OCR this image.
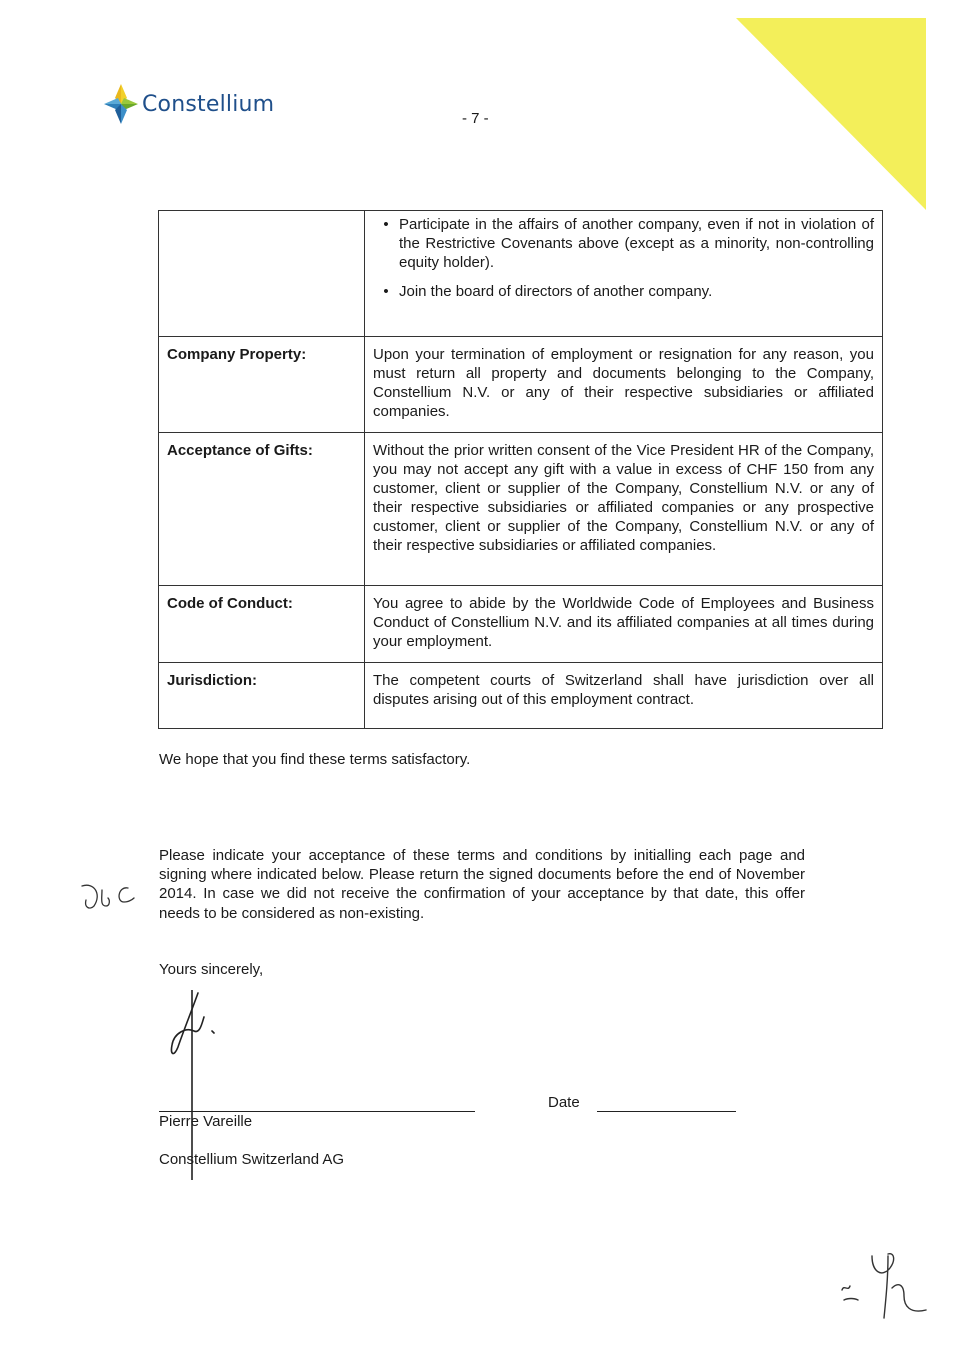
Constellium
- 7 -

	• Participate in the affairs of another company, even if not in violation of the Restrictive Covenants above (except as a minority, non-controlling equity holder).
• Join the board of directors of another company.

Company Property:	Upon your termination of employment or resignation for any reason, you must return all property and documents belonging to the Company, Constellium N.V. or any of their respective subsidiaries or affiliated companies.
Acceptance of Gifts:	Without the prior written consent of the Vice President HR of the Company, you may not accept any gift with a value in excess of CHF 150 from any customer, client or supplier of the Company, Constellium N.V. or any of their respective subsidiaries or affiliated companies or any prospective customer, client or supplier of the Company, Constellium N.V. or any of their respective subsidiaries or affiliated companies.
Code of Conduct:	You agree to abide by the Worldwide Code of Employees and Business Conduct of Constellium N.V. and its affiliated companies at all times during your employment.
Jurisdiction:	The competent courts of Switzerland shall have jurisdiction over all disputes arising out of this employment contract.
We hope that you find these terms satisfactory.
Please indicate your acceptance of these terms and conditions by initialling each page and signing where indicated below. Please return the signed documents before the end of November 2014. In case we did not receive the confirmation of your acceptance by that date, this offer needs to be considered as non-existing.
Yours sincerely,
Pierre Vareille
Constellium Switzerland AG
Date
